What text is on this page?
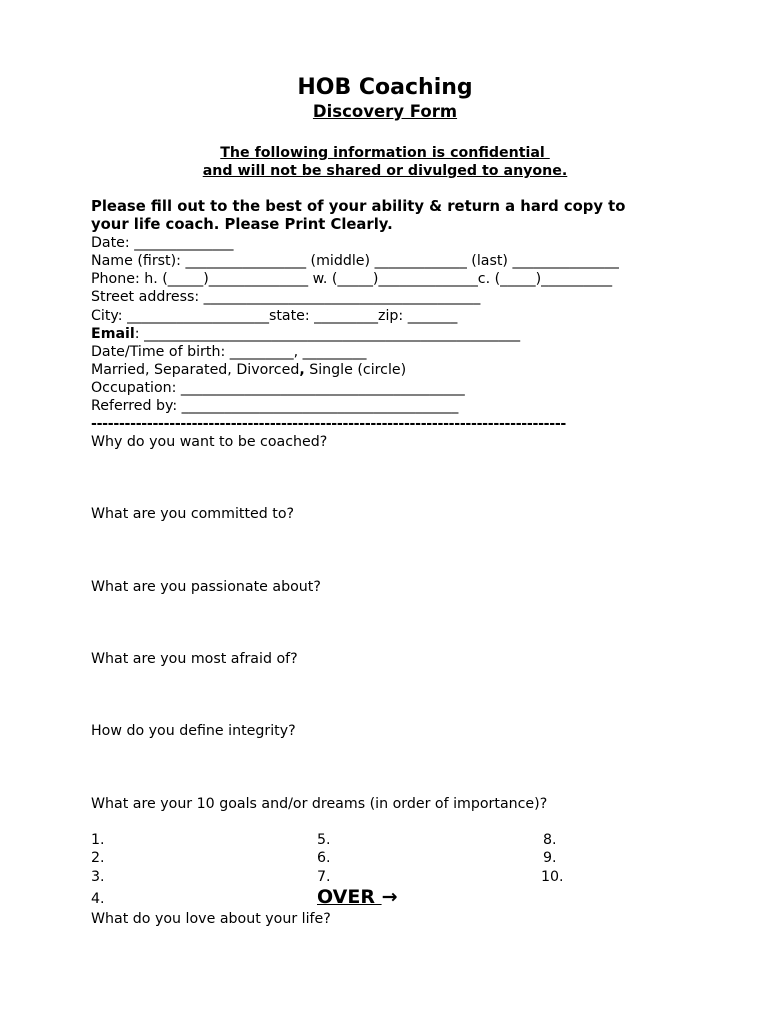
HOB Coaching
Discovery Form
The following information is confidential
and will not be shared or divulged to anyone.
Please fill out to the best of your ability & return a hard copy to
your life coach. Please Print Clearly.
Date: ______________
Name (first): _________________ (middle) _____________ (last) _______________
Phone: h. (_____)______________ w. (_____)______________c. (_____)__________
Street address: _______________________________________
City: ____________________state: _________zip: _______
Email: _____________________________________________________
Date/Time of birth: _________, _________
Married, Separated, Divorced, Single (circle)
Occupation: ________________________________________
Referred by: _______________________________________
-------------------------------------------------------------------------------------
Why do you want to be coached?
What are you committed to?
What are you passionate about?
What are you most afraid of?
How do you define integrity?
What are your 10 goals and/or dreams (in order of importance)?
1.
2.
3.
4.
5.
6.
7.
8.
9.
10.
OVER →
What do you love about your life?
